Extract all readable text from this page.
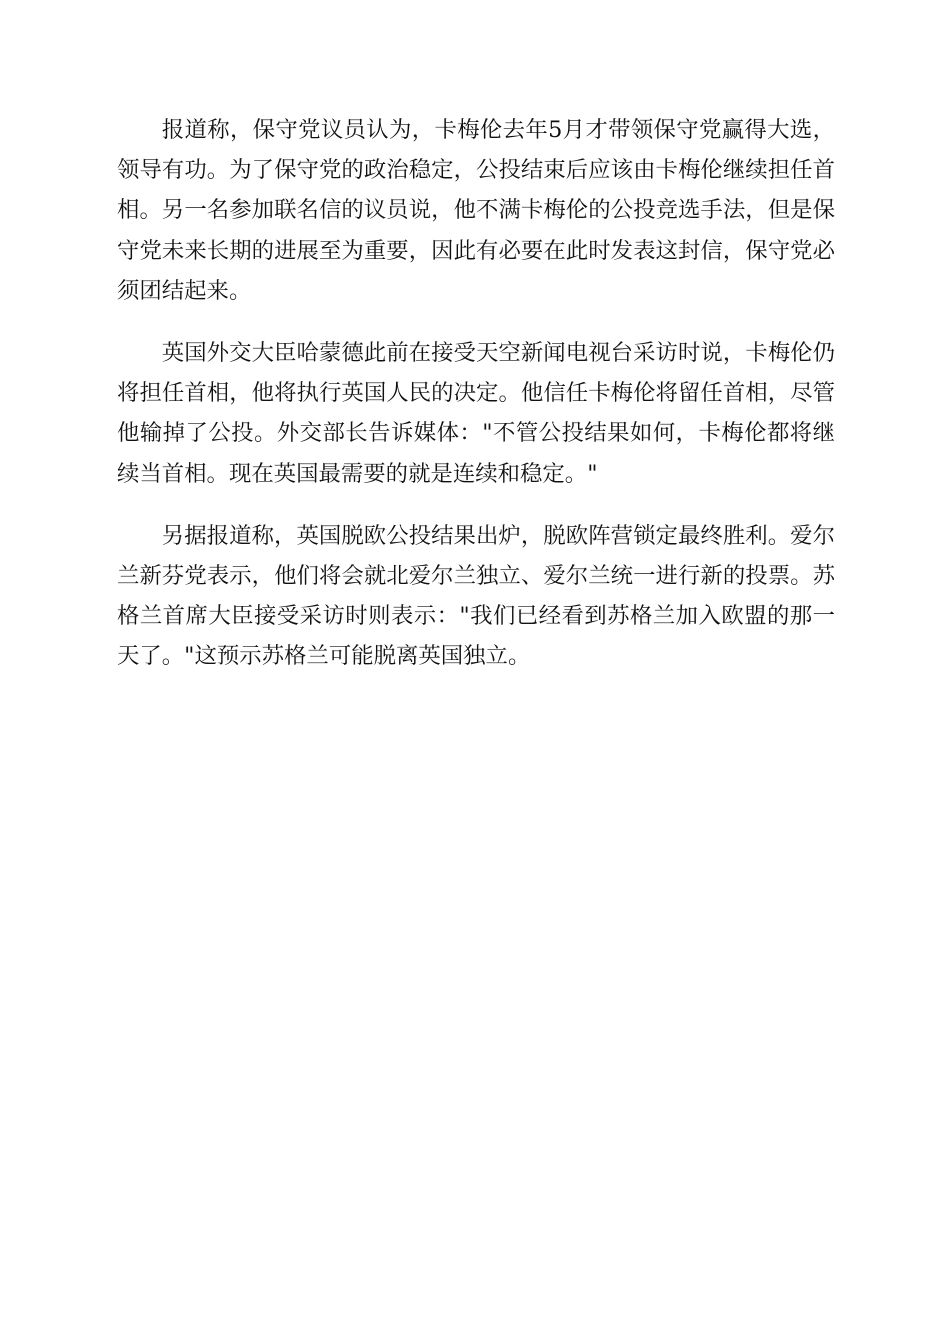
报道称，保守党议员认为，卡梅伦去年5月才带领保守党赢得大选，领导有功。为了保守党的政治稳定，公投结束后应该由卡梅伦继续担任首相。另一名参加联名信的议员说，他不满卡梅伦的公投竞选手法，但是保守党未来长期的进展至为重要，因此有必要在此时发表这封信，保守党必须团结起来。

英国外交大臣哈蒙德此前在接受天空新闻电视台采访时说，卡梅伦仍将担任首相，他将执行英国人民的决定。他信任卡梅伦将留任首相，尽管他输掉了公投。外交部长告诉媒体："不管公投结果如何，卡梅伦都将继续当首相。现在英国最需要的就是连续和稳定。"

另据报道称，英国脱欧公投结果出炉，脱欧阵营锁定最终胜利。爱尔兰新芬党表示，他们将会就北爱尔兰独立、爱尔兰统一进行新的投票。苏格兰首席大臣接受采访时则表示："我们已经看到苏格兰加入欧盟的那一天了。"这预示苏格兰可能脱离英国独立。
